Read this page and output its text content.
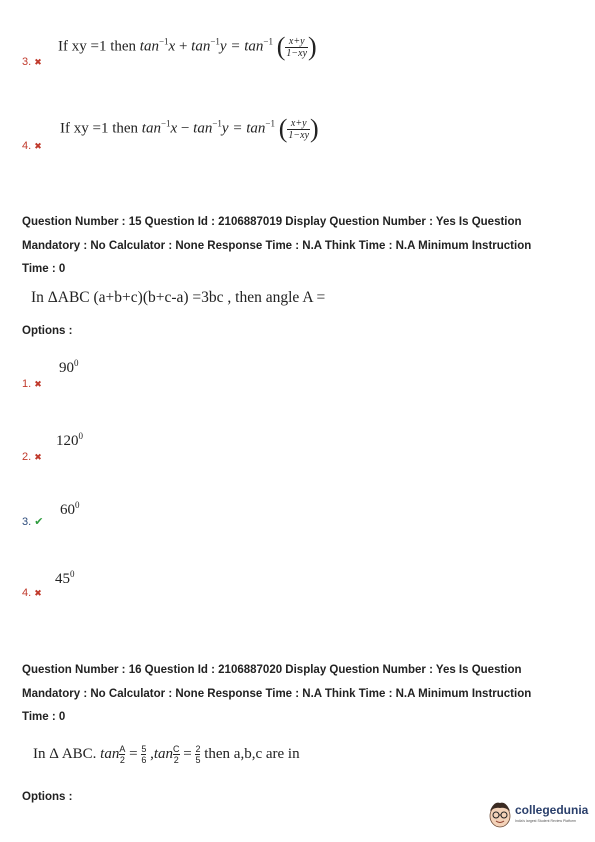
If xy =1 then $\tan^{-1}x + \tan^{-1}y = \tan^{-1}$ ( $\frac{x+y}{1-xy}$ )
3. ✖
If xy =1 then $\tan^{-1}x - \tan^{-1}y = \tan^{-1}$ ( $\frac{x+y}{1-xy}$ )
4. ✖
Question Number : 15 Question Id : 2106887019 Display Question Number : Yes Is Question
Mandatory : No Calculator : None Response Time : N.A Think Time : N.A Minimum Instruction
Time : 0
In ΔABC (a+b+c)(b+c-a) =3bc , then angle A =
Options :
$90^0$
1. ✖
$120^0$
2. ✖
$60^0$
3. ✔
$45^0$
4. ✖
Question Number : 16 Question Id : 2106887020 Display Question Number : Yes Is Question
Mandatory : No Calculator : None Response Time : N.A Think Time : N.A Minimum Instruction
Time : 0
In Δ ABC. $\tan \frac{A}{2} = \frac{5}{6} ,\tan \frac{C}{2} = \frac{2}{5}$ then a,b,c are in
Options :
collegedunia
India's largest Student Review Platform
